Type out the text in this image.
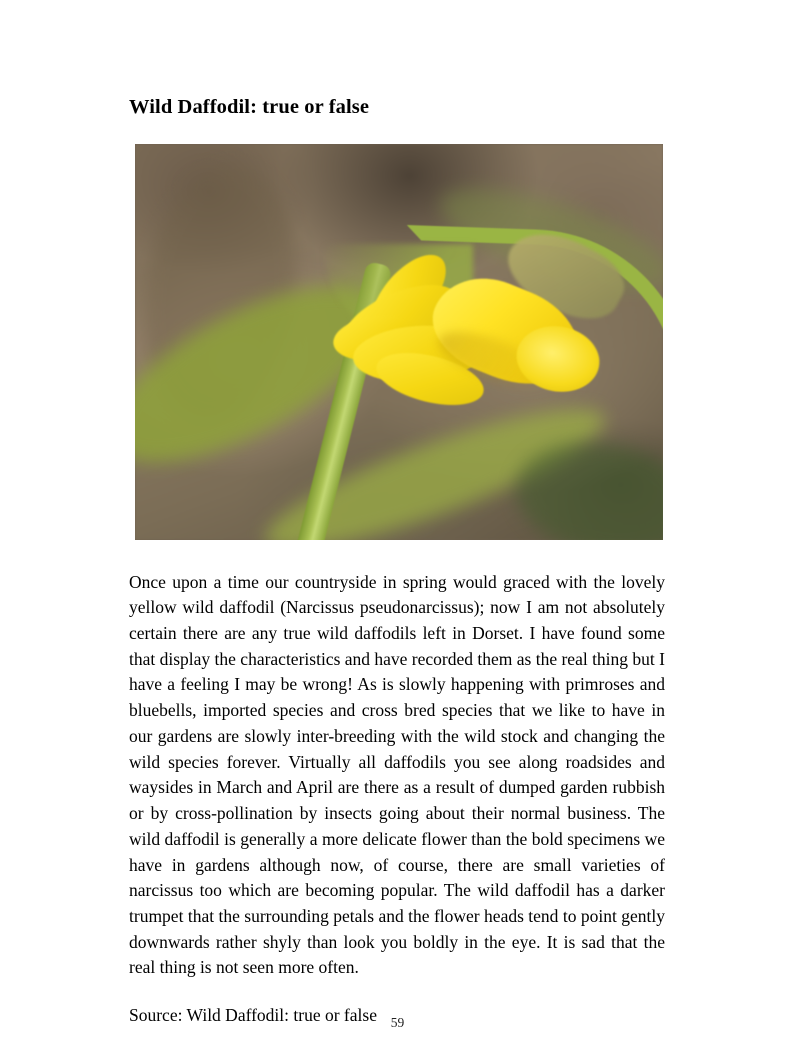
Wild Daffodil: true or false

Once upon a time our countryside in spring would graced with the lovely yellow wild daffodil (Narcissus pseudonarcissus); now I am not absolutely certain there are any true wild daffodils left in Dorset. I have found some that display the characteristics and have recorded them as the real thing but I have a feeling I may be wrong! As is slowly happening with primroses and bluebells, imported species and cross bred species that we like to have in our gardens are slowly inter-breeding with the wild stock and changing the wild species forever. Virtually all daffodils you see along roadsides and waysides in March and April are there as a result of dumped garden rubbish or by cross-pollination by insects going about their normal business. The wild daffodil is generally a more delicate flower than the bold specimens we have in gardens although now, of course, there are small varieties of narcissus too which are becoming popular. The wild daffodil has a darker trumpet that the surrounding petals and the flower heads tend to point gently downwards rather shyly than look you boldly in the eye. It is sad that the real thing is not seen more often.

Source: Wild Daffodil: true or false	59
